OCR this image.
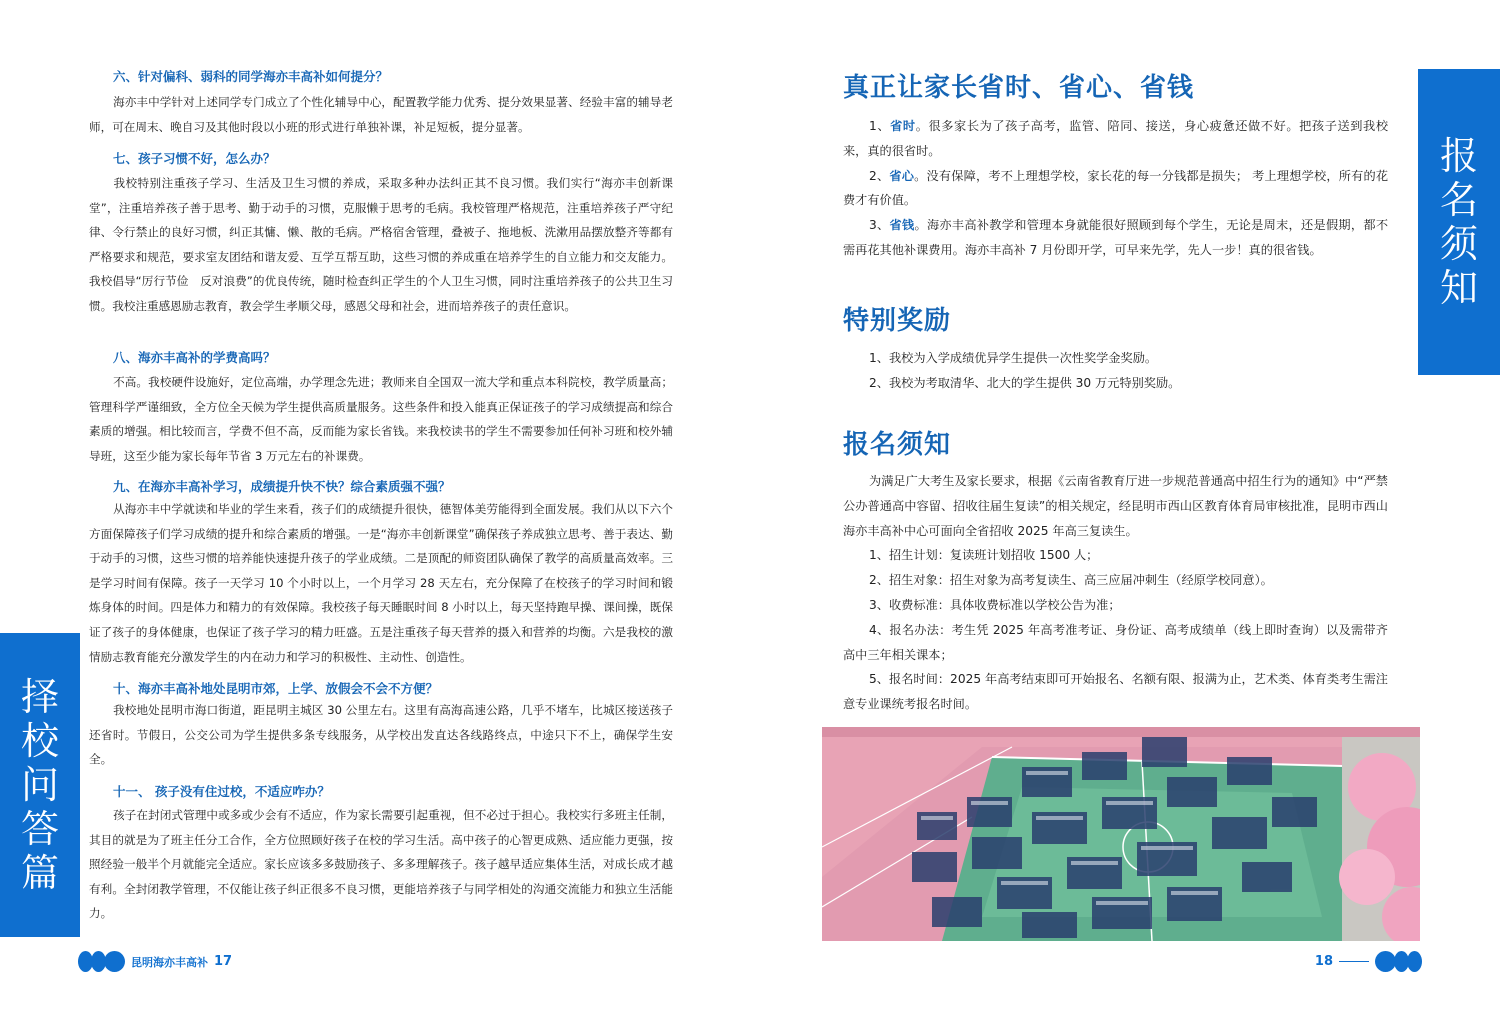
六、针对偏科、弱科的同学海亦丰高补如何提分？
海亦丰中学针对上述同学专门成立了个性化辅导中心，配置教学能力优秀、提分效果显著、经验丰富的辅导老师，可在周末、晚自习及其他时段以小班的形式进行单独补课，补足短板，提分显著。
七、孩子习惯不好，怎么办？
我校特别注重孩子学习、生活及卫生习惯的养成，采取多种办法纠正其不良习惯。我们实行“海亦丰创新课堂”，注重培养孩子善于思考、勤于动手的习惯，克服懒于思考的毛病。我校管理严格规范，注重培养孩子严守纪律、令行禁止的良好习惯，纠正其慵、懒、散的毛病。严格宿舍管理，叠被子、拖地板、洗漱用品摆放整齐等都有严格要求和规范，要求室友团结和谐友爱、互学互帮互助，这些习惯的养成重在培养学生的自立能力和交友能力。我校倡导“厉行节俭　反对浪费”的优良传统，随时检查纠正学生的个人卫生习惯，同时注重培养孩子的公共卫生习惯。我校注重感恩励志教育，教会学生孝顺父母，感恩父母和社会，进而培养孩子的责任意识。
八、海亦丰高补的学费高吗？
不高。我校硬件设施好，定位高端，办学理念先进；教师来自全国双一流大学和重点本科院校，教学质量高；管理科学严谨细致，全方位全天候为学生提供高质量服务。这些条件和投入能真正保证孩子的学习成绩提高和综合素质的增强。相比较而言，学费不但不高，反而能为家长省钱。来我校读书的学生不需要参加任何补习班和校外辅导班，这至少能为家长每年节省 3 万元左右的补课费。
九、在海亦丰高补学习，成绩提升快不快？综合素质强不强？
从海亦丰中学就读和毕业的学生来看，孩子们的成绩提升很快，德智体美劳能得到全面发展。我们从以下六个方面保障孩子们学习成绩的提升和综合素质的增强。一是“海亦丰创新课堂”确保孩子养成独立思考、善于表达、勤于动手的习惯，这些习惯的培养能快速提升孩子的学业成绩。二是顶配的师资团队确保了教学的高质量高效率。三是学习时间有保障。孩子一天学习 10 个小时以上，一个月学习 28 天左右，充分保障了在校孩子的学习时间和锻炼身体的时间。四是体力和精力的有效保障。我校孩子每天睡眠时间 8 小时以上，每天坚持跑早操、课间操，既保证了孩子的身体健康，也保证了孩子学习的精力旺盛。五是注重孩子每天营养的摄入和营养的均衡。六是我校的激情励志教育能充分激发学生的内在动力和学习的积极性、主动性、创造性。
十、海亦丰高补地处昆明市郊，上学、放假会不会不方便？
我校地处昆明市海口街道，距昆明主城区 30 公里左右。这里有高海高速公路，几乎不堵车，比城区接送孩子还省时。节假日，公交公司为学生提供多条专线服务，从学校出发直达各线路终点，中途只下不上，确保学生安全。
十一、 孩子没有住过校，不适应咋办？
孩子在封闭式管理中或多或少会有不适应，作为家长需要引起重视，但不必过于担心。我校实行多班主任制，其目的就是为了班主任分工合作，全方位照顾好孩子在校的学习生活。高中孩子的心智更成熟、适应能力更强，按照经验一般半个月就能完全适应。家长应该多多鼓励孩子、多多理解孩子。孩子越早适应集体生活，对成长成才越有利。全封闭教学管理，不仅能让孩子纠正很多不良习惯，更能培养孩子与同学相处的沟通交流能力和独立生活能力。
择
校
问
答
篇
昆明海亦丰高补 17
真正让家长省时、省心、省钱
1、省时。很多家长为了孩子高考，监管、陪同、接送，身心疲惫还做不好。把孩子送到我校来，真的很省时。
2、省心。没有保障，考不上理想学校，家长花的每一分钱都是损失； 考上理想学校，所有的花费才有价值。
3、省钱。海亦丰高补教学和管理本身就能很好照顾到每个学生，无论是周末，还是假期，都不需再花其他补课费用。海亦丰高补 7 月份即开学，可早来先学，先人一步！真的很省钱。
特别奖励
1、我校为入学成绩优异学生提供一次性奖学金奖励。
2、我校为考取清华、北大的学生提供 30 万元特别奖励。
报名须知
为满足广大考生及家长要求，根据《云南省教育厅进一步规范普通高中招生行为的通知》中“严禁公办普通高中容留、招收往届生复读”的相关规定，经昆明市西山区教育体育局审核批准，昆明市西山海亦丰高补中心可面向全省招收 2025 年高三复读生。
1、招生计划：复读班计划招收 1500 人；
2、招生对象：招生对象为高考复读生、高三应届冲刺生（经原学校同意）。
3、收费标准：具体收费标准以学校公告为准；
4、报名办法：考生凭 2025 年高考准考证、身份证、高考成绩单（线上即时查询）以及需带齐高中三年相关课本；
5、报名时间：2025 年高考结束即可开始报名、名额有限、报满为止，艺术类、体育类考生需注意专业课统考报名时间。
报
名
须
知
18
